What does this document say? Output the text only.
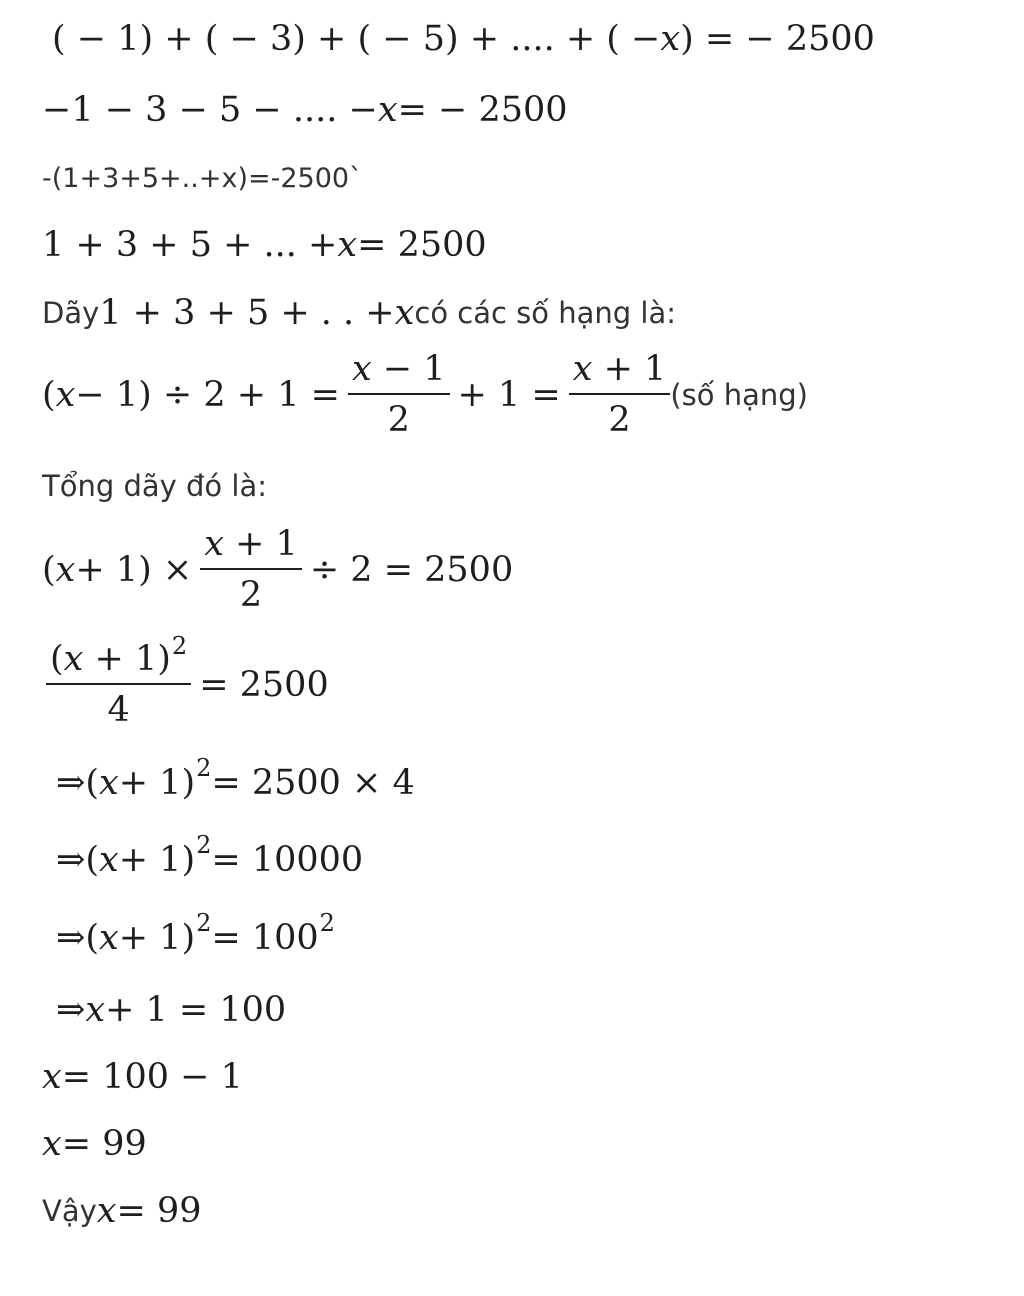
( − 1) + ( − 3) + ( − 5) + .... + ( − x ) = − 2500
−1 − 3 − 5 − .... − x = − 2500
-(1+3+5+..+x)=-2500`
1 + 3 + 5 + ... + x = 2500
Dãy 1 + 3 + 5 + . . + x có các số hạng là:
( $x - 1) \div 2 + 1 = \frac{x - 1}{2} + 1 = \frac{x + 1}{2}$ (số hạng)
Tổng dãy đó là:
( $x + 1) \times \frac{x + 1}{2} \div 2 = 2500$
$\frac{(x + 1)^2}{4} = 2500$
⇒ ( x + 1) 2 = 2500 × 4
⇒ ( x + 1) 2 = 10000
⇒ ( x + 1) 2 = 100 2
⇒ x + 1 = 100
x = 100 − 1
x = 99
Vậy x = 99
